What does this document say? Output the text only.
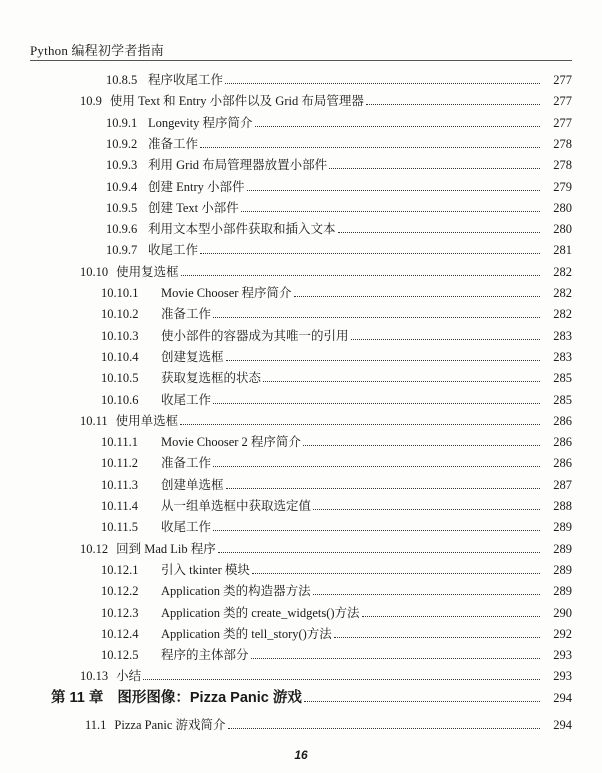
Python 编程初学者指南
10.8.5 程序收尾工作	277
10.9 使用 Text 和 Entry 小部件以及 Grid 布局管理器	277
10.9.1 Longevity 程序简介	277
10.9.2 准备工作	278
10.9.3 利用 Grid 布局管理器放置小部件	278
10.9.4 创建 Entry 小部件	279
10.9.5 创建 Text 小部件	280
10.9.6 利用文本型小部件获取和插入文本	280
10.9.7 收尾工作	281
10.10 使用复选框	282
10.10.1	Movie Chooser 程序简介	282
10.10.2	准备工作	282
10.10.3	使小部件的容器成为其唯一的引用	283
10.10.4	创建复选框	283
10.10.5	获取复选框的状态	285
10.10.6	收尾工作	285
10.11 使用单选框	286
10.11.1	Movie Chooser 2 程序简介	286
10.11.2	准备工作	286
10.11.3	创建单选框	287
10.11.4	从一组单选框中获取选定值	288
10.11.5	收尾工作	289
10.12 回到 Mad Lib 程序	289
10.12.1	引入 tkinter 模块	289
10.12.2	Application 类的构造器方法	289
10.12.3	Application 类的 create_widgets()方法	290
10.12.4	Application 类的 tell_story()方法	292
10.12.5	程序的主体部分	293
10.13 小结	293
第 11 章 图形图像：Pizza Panic 游戏	294
11.1 Pizza Panic 游戏简介	294
16
